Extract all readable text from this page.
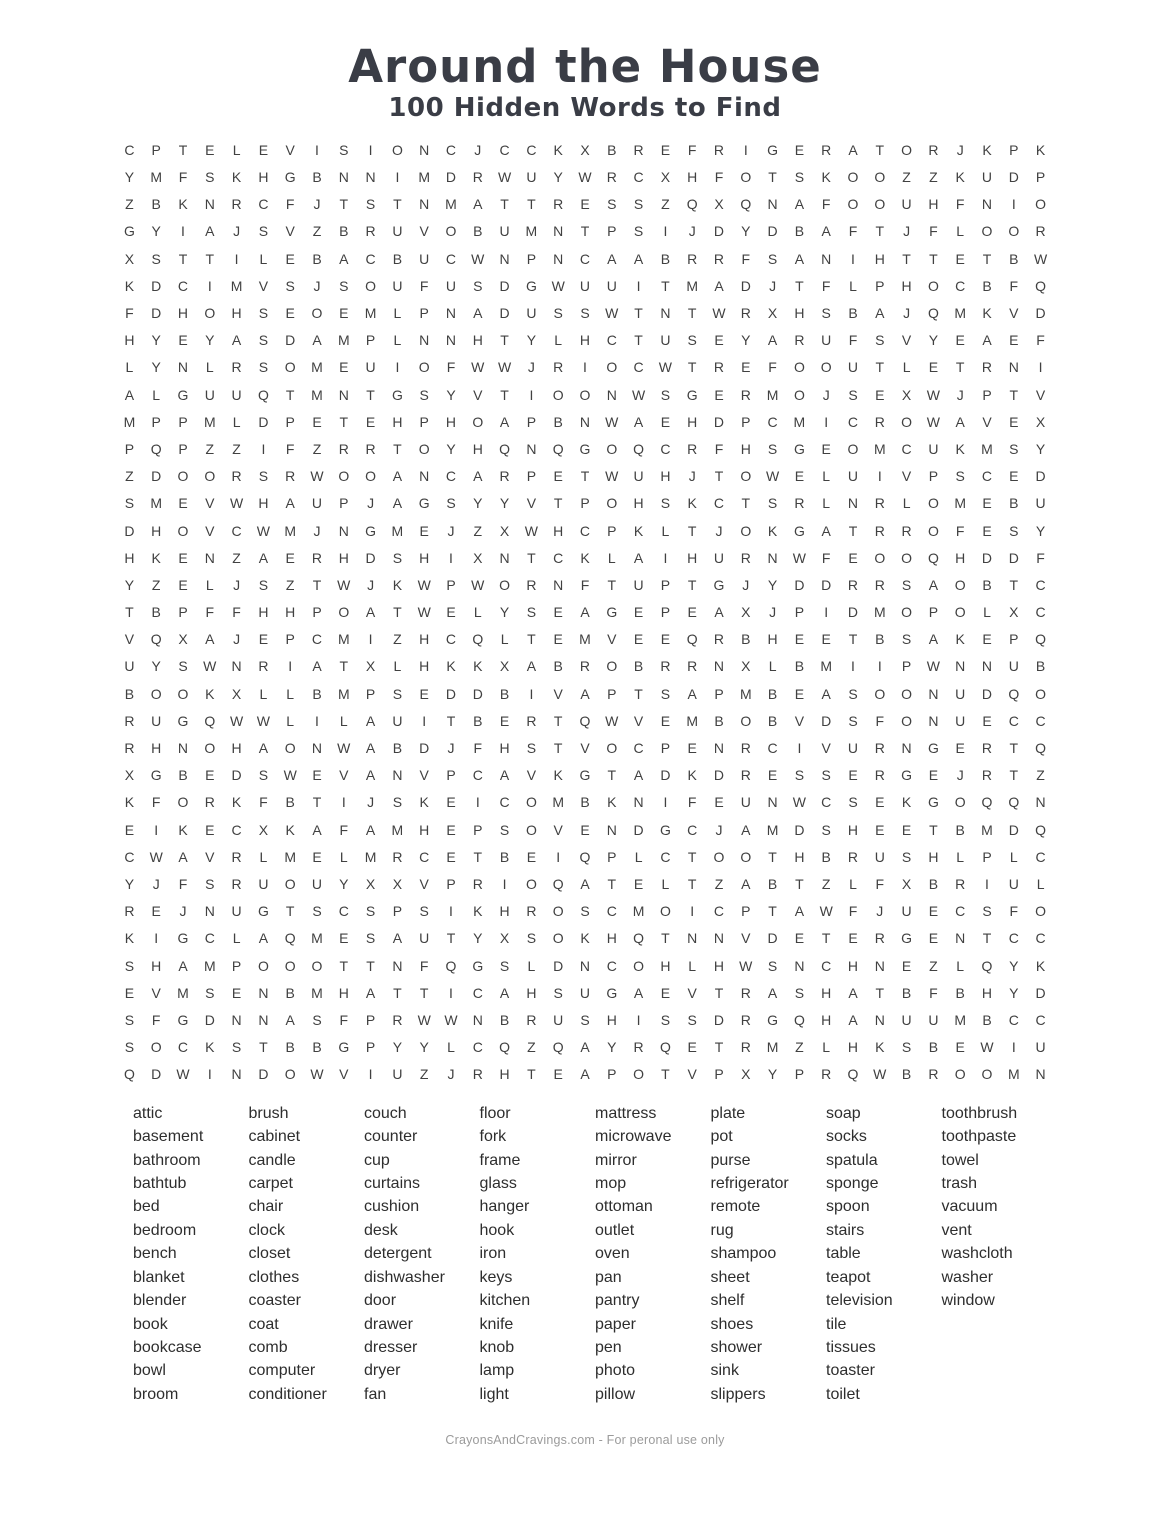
Around the House
100 Hidden Words to Find
C	P	T	E	L	E	V	I	S	I	O	N	C	J	C	C	K	X	B	R	E	F	R	I	G	E	R	A	T	O	R	J	K	P	K
Y	M	F	S	K	H	G	B	N	N	I	M	D	R	W	U	Y	W	R	C	X	H	F	O	T	S	K	O	O	Z	Z	K	U	D	P
Z	B	K	N	R	C	F	J	T	S	T	N	M	A	T	T	R	E	S	S	Z	Q	X	Q	N	A	F	O	O	U	H	F	N	I	O
G	Y	I	A	J	S	V	Z	B	R	U	V	O	B	U	M	N	T	P	S	I	J	D	Y	D	B	A	F	T	J	F	L	O	O	R
X	S	T	T	I	L	E	B	A	C	B	U	C	W	N	P	N	C	A	A	B	R	R	F	S	A	N	I	H	T	T	E	T	B	W
K	D	C	I	M	V	S	J	S	O	U	F	U	S	D	G	W	U	U	I	T	M	A	D	J	T	F	L	P	H	O	C	B	F	Q
F	D	H	O	H	S	E	O	E	M	L	P	N	A	D	U	S	S	W	T	N	T	W	R	X	H	S	B	A	J	Q	M	K	V	D
H	Y	E	Y	A	S	D	A	M	P	L	N	N	H	T	Y	L	H	C	T	U	S	E	Y	A	R	U	F	S	V	Y	E	A	E	F
L	Y	N	L	R	S	O	M	E	U	I	O	F	W W	J	R	I	O	C	W	T	R	E	F	O	O	U	T	L	E	T	R	N	I
A	L	G	U	U	Q	T	M	N	T	G	S	Y	V	T	I	O	O	N	W	S	G	E	R	M	O	J	S	E	X	W	J	P	T	V
M	P	P	M	L	D	P	E	T	E	H	P	H	O	A	P	B	N	W	A	E	H	D	P	C	M	I	C	R	O	W	A	V	E	X
P	Q	P	Z	Z	I	F	Z	R	R	T	O	Y	H	Q	N	Q	G	O	Q	C	R	F	H	S	G	E	O	M	C	U	K	M	S	Y
Z	D	O	O	R	S	R	W	O	O	A	N	C	A	R	P	E	T	W	U	H	J	T	O	W	E	L	U	I	V	P	S	C	E	D
S	M	E	V	W	H	A	U	P	J	A	G	S	Y	Y	V	T	P	O	H	S	K	C	T	S	R	L	N	R	L	O	M	E	B	U
D	H	O	V	C	W	M	J	N	G	M	E	J	Z	X	W	H	C	P	K	L	T	J	O	K	G	A	T	R	R	O	F	E	S	Y
H	K	E	N	Z	A	E	R	H	D	S	H	I	X	N	T	C	K	L	A	I	H	U	R	N	W	F	E	O	O	Q	H	D	D	F
Y	Z	E	L	J	S	Z	T	W	J	K	W	P	W	O	R	N	F	T	U	P	T	G	J	Y	D	D	R	R	S	A	O	B	T	C
T	B	P	F	F	H	H	P	O	A	T	W	E	L	Y	S	E	A	G	E	P	E	A	X	J	P	I	D	M	O	P	O	L	X	C
V	Q	X	A	J	E	P	C	M	I	Z	H	C	Q	L	T	E	M	V	E	E	Q	R	B	H	E	E	T	B	S	A	K	E	P	Q
U	Y	S	W	N	R	I	A	T	X	L	H	K	K	X	A	B	R	O	B	R	R	N	X	L	B	M	I	I	P	W	N	N	U	B
B	O	O	K	X	L	L	B	M	P	S	E	D	D	B	I	V	A	P	T	S	A	P	M	B	E	A	S	O	O	N	U	D	Q	O
R	U	G	Q	W W	L	I	L	A	U	I	T	B	E	R	T	Q	W	V	E	M	B	O	B	V	D	S	F	O	N	U	E	C	C
R	H	N	O	H	A	O	N	W	A	B	D	J	F	H	S	T	V	O	C	P	E	N	R	C	I	V	U	R	N	G	E	R	T	Q
X	G	B	E	D	S	W	E	V	A	N	V	P	C	A	V	K	G	T	A	D	K	D	R	E	S	S	E	R	G	E	J	R	T	Z
K	F	O	R	K	F	B	T	I	J	S	K	E	I	C	O	M	B	K	N	I	F	E	U	N	W	C	S	E	K	G	O	Q	Q	N
E	I	K	E	C	X	K	A	F	A	M	H	E	P	S	O	V	E	N	D	G	C	J	A	M	D	S	H	E	E	T	B	M	D	Q
C	W	A	V	R	L	M	E	L	M	R	C	E	T	B	E	I	Q	P	L	C	T	O	O	T	H	B	R	U	S	H	L	P	L	C
Y	J	F	S	R	U	O	U	Y	X	X	V	P	R	I	O	Q	A	T	E	L	T	Z	A	B	T	Z	L	F	X	B	R	I	U	L
R	E	J	N	U	G	T	S	C	S	P	S	I	K	H	R	O	S	C	M	O	I	C	P	T	A	W	F	J	U	E	C	S	F	O
K	I	G	C	L	A	Q	M	E	S	A	U	T	Y	X	S	O	K	H	Q	T	N	N	V	D	E	T	E	R	G	E	N	T	C	C
S	H	A	M	P	O	O	O	T	T	N	F	Q	G	S	L	D	N	C	O	H	L	H	W	S	N	C	H	N	E	Z	L	Q	Y	K
E	V	M	S	E	N	B	M	H	A	T	T	I	C	A	H	S	U	G	A	E	V	T	R	A	S	H	A	T	B	F	B	H	Y	D
S	F	G	D	N	N	A	S	F	P	R	W W	N	B	R	U	S	H	I	S	S	D	R	G	Q	H	A	N	U	U	M	B	C	C
S	O	C	K	S	T	B	B	G	P	Y	Y	L	C	Q	Z	Q	A	Y	R	Q	E	T	R	M	Z	L	H	K	S	B	E	W	I	U
Q	D	W	I	N	D	O	W	V	I	U	Z	J	R	H	T	E	A	P	O	T	V	P	X	Y	P	R	Q	W	B	R	O	O	M	N
attic
basement
bathroom
bathtub
bed
bedroom
bench
blanket
blender
book
bookcase
bowl
broom
brush
cabinet
candle
carpet
chair
clock
closet
clothes
coaster
coat
comb
computer
conditioner
couch
counter
cup
curtains
cushion
desk
detergent
dishwasher
door
drawer
dresser
dryer
fan
floor
fork
frame
glass
hanger
hook
iron
keys
kitchen
knife
knob
lamp
light
mattress
microwave
mirror
mop
ottoman
outlet
oven
pan
pantry
paper
pen
photo
pillow
plate
pot
purse
refrigerator
remote
rug
shampoo
sheet
shelf
shoes
shower
sink
slippers
soap
socks
spatula
sponge
spoon
stairs
table
teapot
television
tile
tissues
toaster
toilet
toothbrush
toothpaste
towel
trash
vacuum
vent
washcloth
washer
window
CrayonsAndCravings.com - For peronal use only
